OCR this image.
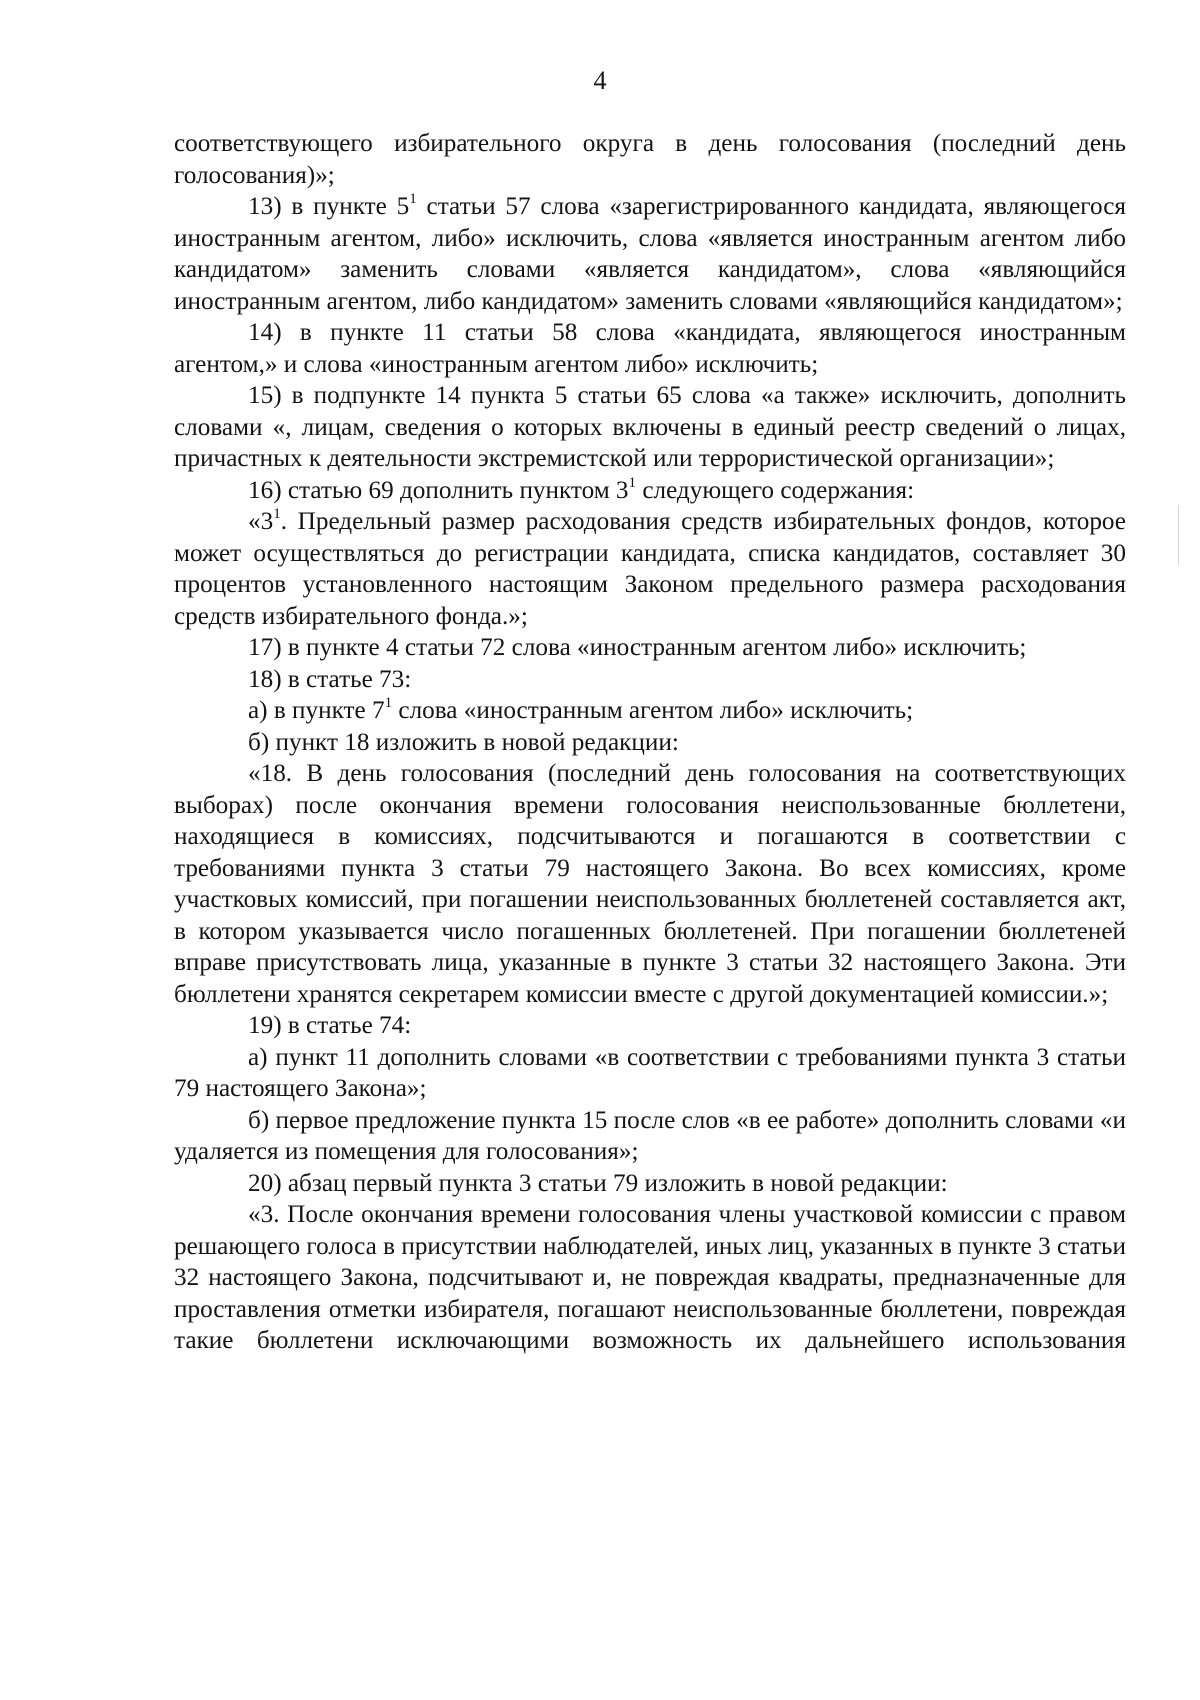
4

соответствующего избирательного округа в день голосования (последний день голосования)»;

13) в пункте $5^1$ статьи 57 слова «зарегистрированного кандидата, являющегося иностранным агентом, либо» исключить, слова «является иностранным агентом либо кандидатом» заменить словами «является кандидатом», слова «являющийся иностранным агентом, либо кандидатом» заменить словами «являющийся кандидатом»;

14) в пункте 11 статьи 58 слова «кандидата, являющегося иностранным агентом,» и слова «иностранным агентом либо» исключить;

15) в подпункте 14 пункта 5 статьи 65 слова «а также» исключить, дополнить словами «, лицам, сведения о которых включены в единый реестр сведений о лицах, причастных к деятельности экстремистской или террористической организации»;

16) статью 69 дополнить пунктом $3^1$ следующего содержания:

«$3^1$. Предельный размер расходования средств избирательных фондов, которое может осуществляться до регистрации кандидата, списка кандидатов, составляет 30 процентов установленного настоящим Законом предельного размера расходования средств избирательного фонда.»;

17) в пункте 4 статьи 72 слова «иностранным агентом либо» исключить;

18) в статье 73:

а) в пункте $7^1$ слова «иностранным агентом либо» исключить;

б) пункт 18 изложить в новой редакции:

«18. В день голосования (последний день голосования на соответствующих выборах) после окончания времени голосования неиспользованные бюллетени, находящиеся в комиссиях, подсчитываются и погашаются в соответствии с требованиями пункта 3 статьи 79 настоящего Закона. Во всех комиссиях, кроме участковых комиссий, при погашении неиспользованных бюллетеней составляется акт, в котором указывается число погашенных бюллетеней. При погашении бюллетеней вправе присутствовать лица, указанные в пункте 3 статьи 32 настоящего Закона. Эти бюллетени хранятся секретарем комиссии вместе с другой документацией комиссии.»;

19) в статье 74:

а) пункт 11 дополнить словами «в соответствии с требованиями пункта 3 статьи 79 настоящего Закона»;

б) первое предложение пункта 15 после слов «в ее работе» дополнить словами «и удаляется из помещения для голосования»;

20) абзац первый пункта 3 статьи 79 изложить в новой редакции:

«3. После окончания времени голосования члены участковой комиссии с правом решающего голоса в присутствии наблюдателей, иных лиц, указанных в пункте 3 статьи 32 настоящего Закона, подсчитывают и, не повреждая квадраты, предназначенные для проставления отметки избирателя, погашают неиспользованные бюллетени, повреждая такие бюллетени исключающими возможность их дальнейшего использования
